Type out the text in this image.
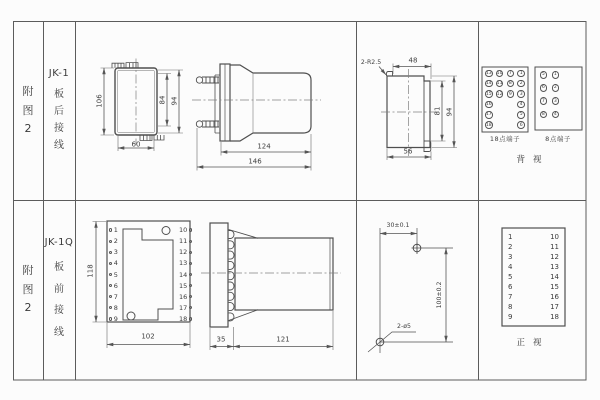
附图2
JK-1
板后接线
附图2
JK-1Q
板前接线
106	84 94
60	124
146
2-R2.5	48
81 94
56
13
14
15
16
17
18
10
11
12
7
8
9
1
2
3
4
5
6
5
6
7
8
1
2
3
4
18点端子	8点端子
背视
1
2
3
4
5
6
7
8
9
10
11
12
13
14
15
16
17
18
118
102	35	121
30±0.1
100±0.2
2-ø5
1
2
3
4
5
6
7
8
9
10
11
12
13
14
15
16
17
18
正视
